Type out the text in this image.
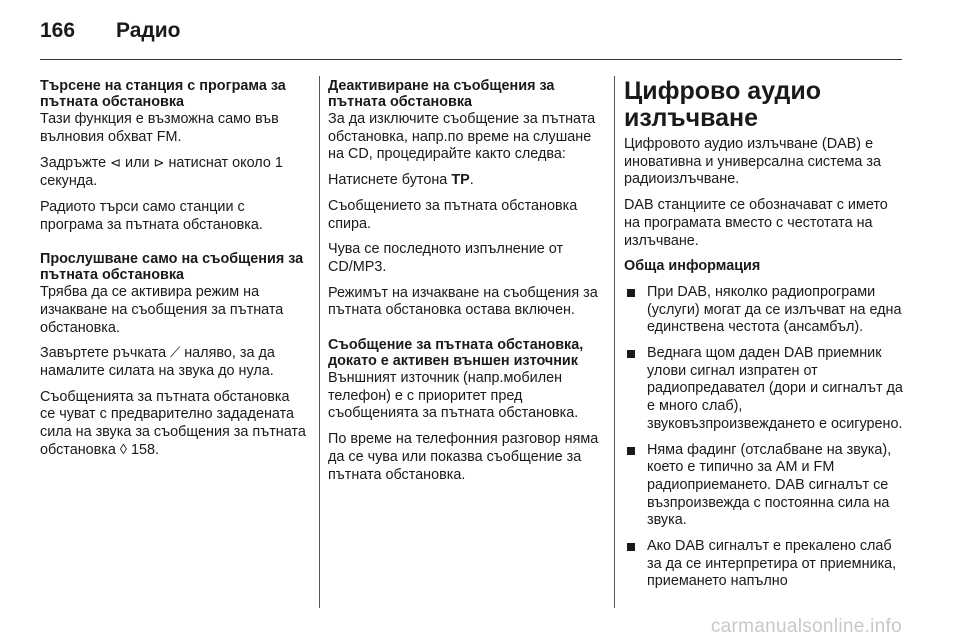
166 Радио
Търсене на станция с програма за пътната обстановка

Тази функция е възможна само във вълновия обхват FM.

Задръжте ⊲ или ⊳ натиснат около 1 секунда.

Радиото търси само станции с програма за пътната обстановка.

Прослушване само на съобщения за пътната обстановка

Трябва да се активира режим на изчакване на съобщения за пътната обстановка.

Завъртете ръчката ⟋ наляво, за да намалите силата на звука до нула.

Съобщенията за пътната обстановка се чуват с предварително зададената сила на звука за съобщения за пътната обстановка ◊ 158.

Деактивиране на съобщения за пътната обстановка

За да изключите съобщение за пътната обстановка, напр.по време на слушане на CD, процедирайте както следва:

Натиснете бутона TP.

Съобщението за пътната обстановка спира.

Чува се последното изпълнение от CD/MP3.

Режимът на изчакване на съобщения за пътната обстановка остава включен.

Съобщение за пътната обстановка, докато е активен външен източник

Външният източник (напр.мобилен телефон) е с приоритет пред съобщенията за пътната обстановка.

По време на телефонния разговор няма да се чува или показва съобщение за пътната обстановка.

Цифрово аудио излъчване

Цифровото аудио излъчване (DAB) е иновативна и универсална система за радиоизлъчване.

DAB станциите се обозначават с името на програмата вместо с честотата на излъчване.

Обща информация

При DAB, няколко радиопрограми (услуги) могат да се излъчват на една единствена честота (ансамбъл).
Веднага щом даден DAB приемник улови сигнал изпратен от радиопредавател (дори и сигналът да е много слаб), звуковъзпроизвеждането е осигурено.
Няма фадинг (отслабване на звука), което е типично за AM и FM радиоприемането. DAB сигналът се възпроизвежда с постоянна сила на звука.
Ако DAB сигналът е прекалено слаб за да се интерпретира от приемника, приемането напълно
carmanualsonline.info
